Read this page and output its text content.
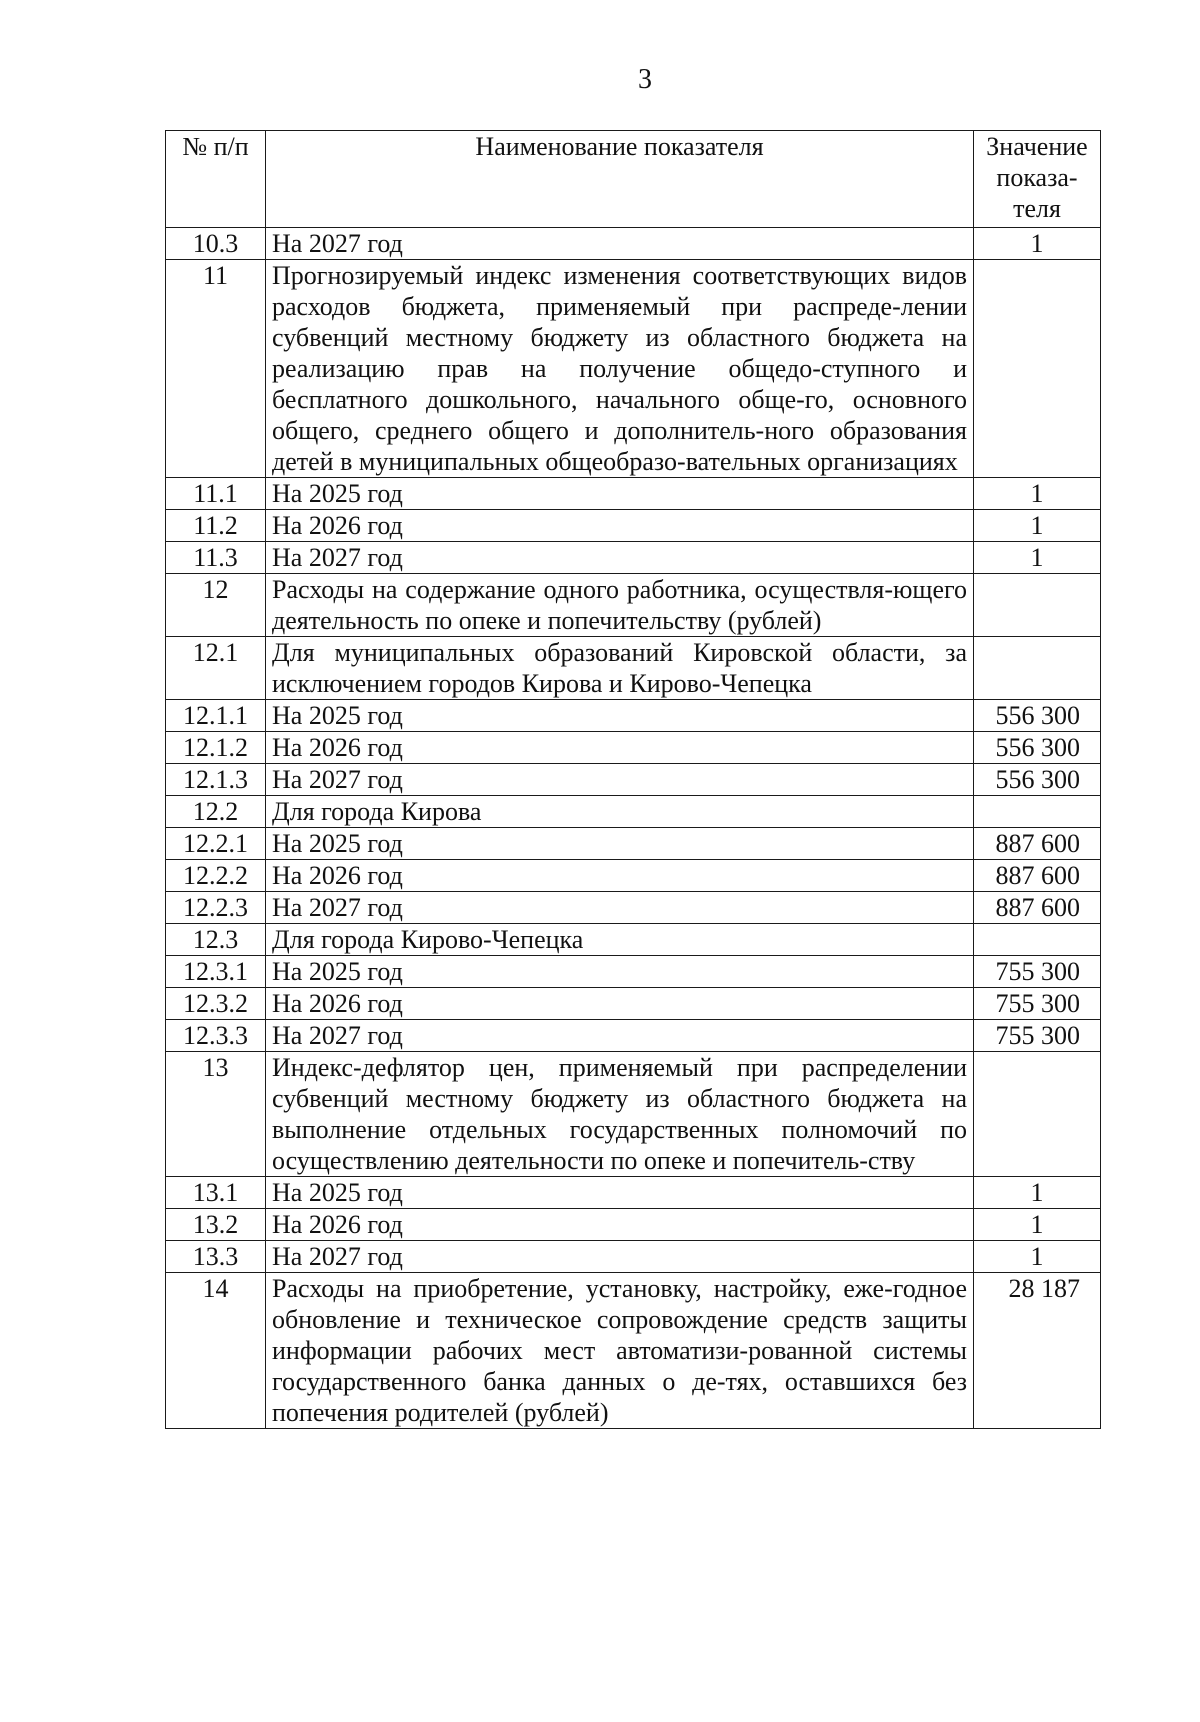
3
№ п/п	Наименование показателя	Значение показа-теля
10.3	На 2027 год	1
11	Прогнозируемый индекс изменения соответствующих видов расходов бюджета, применяемый при распреде-лении субвенций местному бюджету из областного бюджета на реализацию прав на получение общедо-ступного и бесплатного дошкольного, начального обще-го, основного общего, среднего общего и дополнитель-ного образования детей в муниципальных общеобразо-вательных организациях	
11.1	На 2025 год	1
11.2	На 2026 год	1
11.3	На 2027 год	1
12	Расходы на содержание одного работника, осуществля-ющего деятельность по опеке и попечительству (рублей)	
12.1	Для муниципальных образований Кировской области, за исключением городов Кирова и Кирово-Чепецка	
12.1.1	На 2025 год	556 300
12.1.2	На 2026 год	556 300
12.1.3	На 2027 год	556 300
12.2	Для города Кирова	
12.2.1	На 2025 год	887 600
12.2.2	На 2026 год	887 600
12.2.3	На 2027 год	887 600
12.3	Для города Кирово-Чепецка	
12.3.1	На 2025 год	755 300
12.3.2	На 2026 год	755 300
12.3.3	На 2027 год	755 300
13	Индекс-дефлятор цен, применяемый при распределении субвенций местному бюджету из областного бюджета на выполнение отдельных государственных полномочий по осуществлению деятельности по опеке и попечитель-ству	
13.1	На 2025 год	1
13.2	На 2026 год	1
13.3	На 2027 год	1
14	Расходы на приобретение, установку, настройку, еже-годное обновление и техническое сопровождение средств защиты информации рабочих мест автоматизи-рованной системы государственного банка данных о де-тях, оставшихся без попечения родителей (рублей)	28 187
